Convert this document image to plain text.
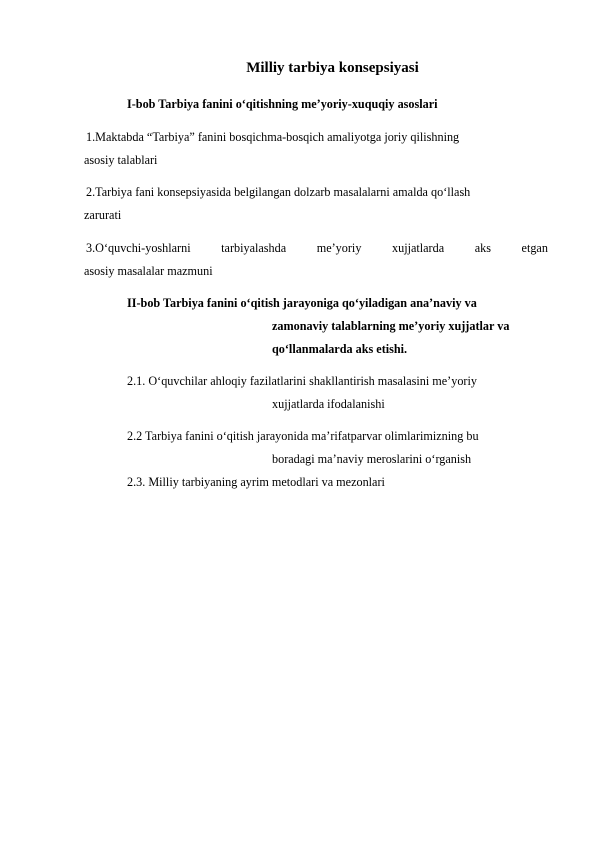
Milliy tarbiya konsepsiyasi
I-bob Tarbiya fanini o‘qitishning me’yoriy-xuquqiy asoslari
1.Maktabda “Tarbiya” fanini bosqichma-bosqich amaliyotga joriy qilishning
asosiy talablari
2.Tarbiya fani konsepsiyasida belgilangan dolzarb masalalarni amalda qo‘llash
zarurati
3.O‘quvchi-yoshlarni	tarbiyalashda	me’yoriy	xujjatlarda	aks	etgan
asosiy masalalar mazmuni
II-bob Tarbiya fanini o‘qitish jarayoniga qo‘yiladigan ana’naviy va
zamonaviy talablarning me’yoriy xujjatlar va
qo‘llanmalarda aks etishi.
2.1. O‘quvchilar ahloqiy fazilatlarini shakllantirish masalasini me’yoriy
xujjatlarda ifodalanishi
2.2 Tarbiya fanini o‘qitish jarayonida ma’rifatparvar olimlarimizning bu
boradagi ma’naviy meroslarini o‘rganish
2.3. Milliy tarbiyaning ayrim metodlari va mezonlari
